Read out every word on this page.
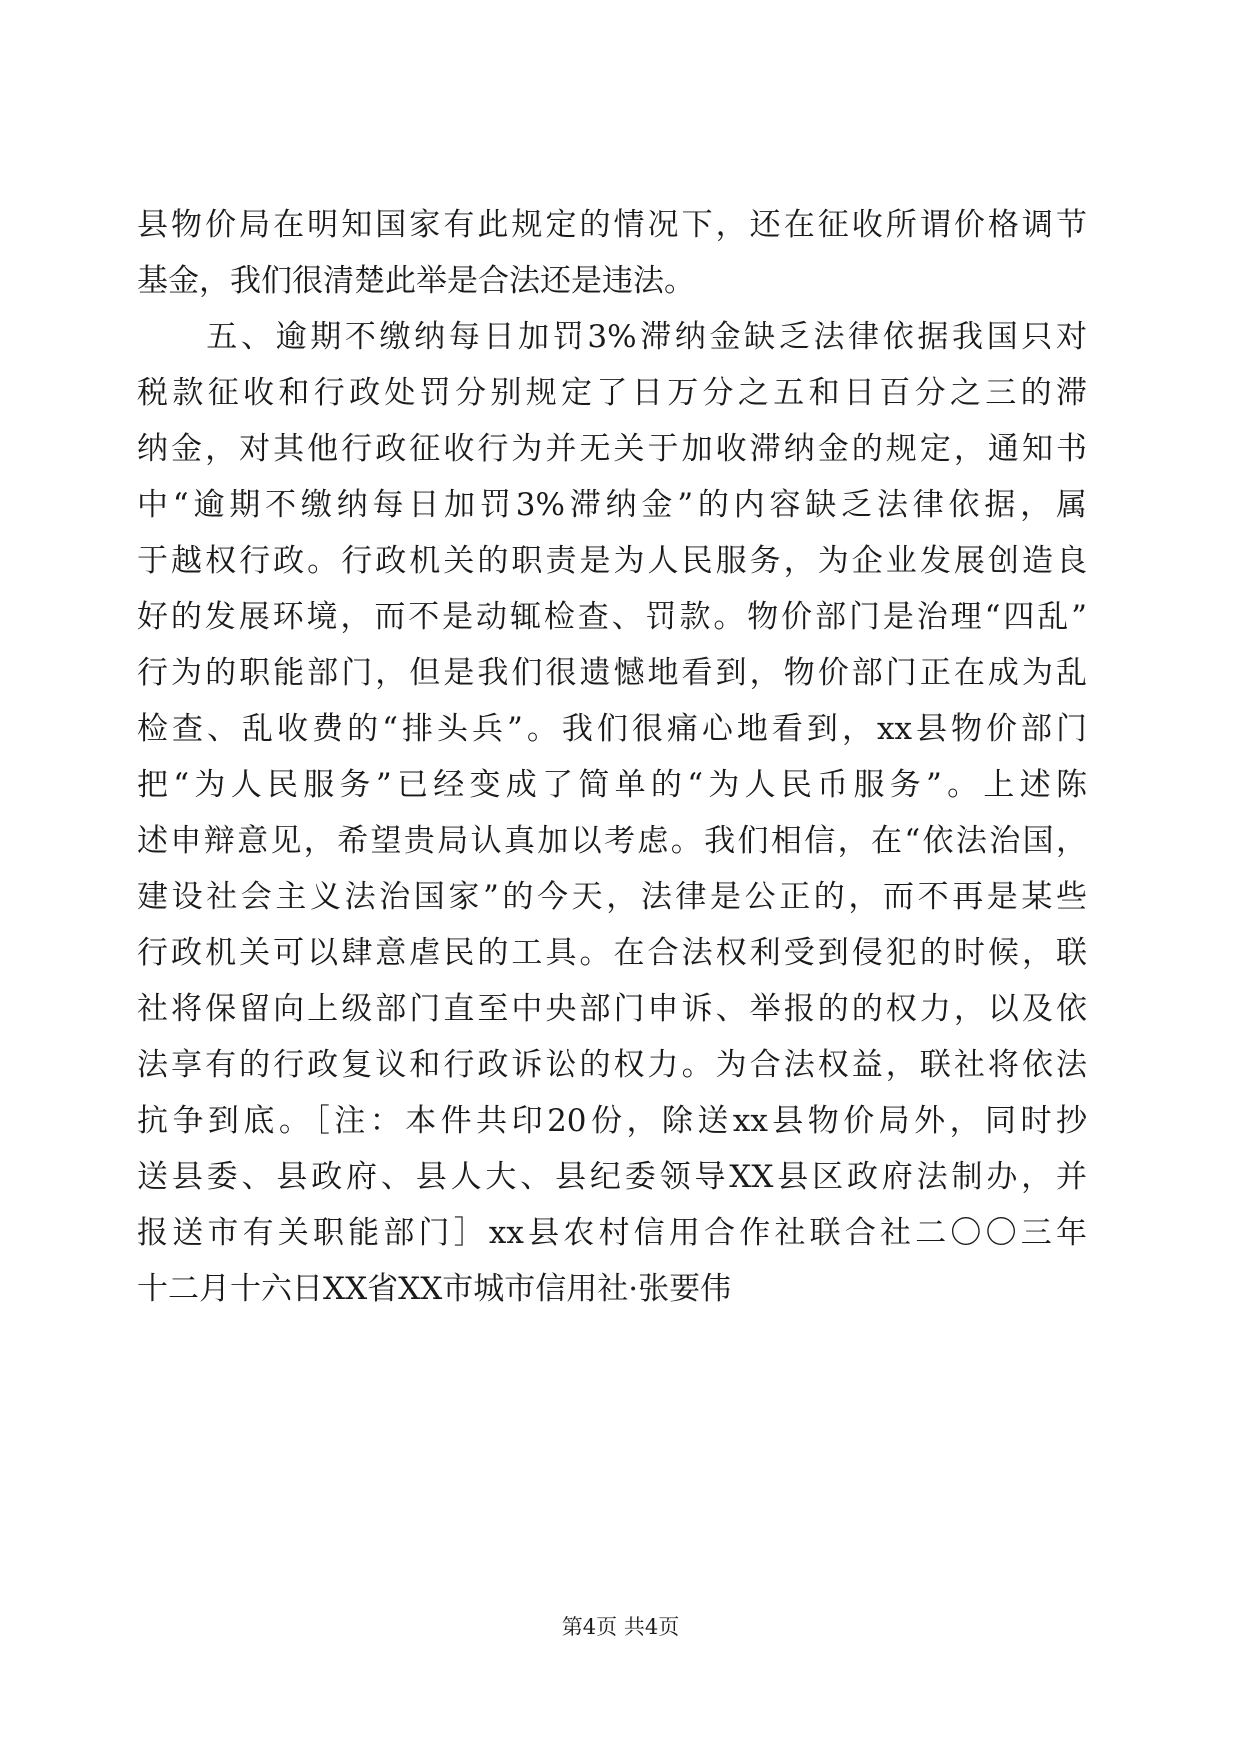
县物价局在明知国家有此规定的情况下，还在征收所谓价格调节
基金，我们很清楚此举是合法还是违法。
　　五、逾期不缴纳每日加罚3%滞纳金缺乏法律依据我国只对
税款征收和行政处罚分别规定了日万分之五和日百分之三的滞
纳金，对其他行政征收行为并无关于加收滞纳金的规定，通知书
中“逾期不缴纳每日加罚3%滞纳金”的内容缺乏法律依据，属
于越权行政。行政机关的职责是为人民服务，为企业发展创造良
好的发展环境，而不是动辄检查、罚款。物价部门是治理“四乱”
行为的职能部门，但是我们很遗憾地看到，物价部门正在成为乱
检查、乱收费的“排头兵”。我们很痛心地看到，xx县物价部门
把“为人民服务”已经变成了简单的“为人民币服务”。上述陈
述申辩意见，希望贵局认真加以考虑。我们相信，在“依法治国，
建设社会主义法治国家”的今天，法律是公正的，而不再是某些
行政机关可以肆意虐民的工具。在合法权利受到侵犯的时候，联
社将保留向上级部门直至中央部门申诉、举报的的权力，以及依
法享有的行政复议和行政诉讼的权力。为合法权益，联社将依法
抗争到底。［注：本件共印20份，除送xx县物价局外，同时抄
送县委、县政府、县人大、县纪委领导XX县区政府法制办，并
报送市有关职能部门］xx县农村信用合作社联合社二〇〇三年
十二月十六日XX省XX市城市信用社·张要伟
第4页 共4页
